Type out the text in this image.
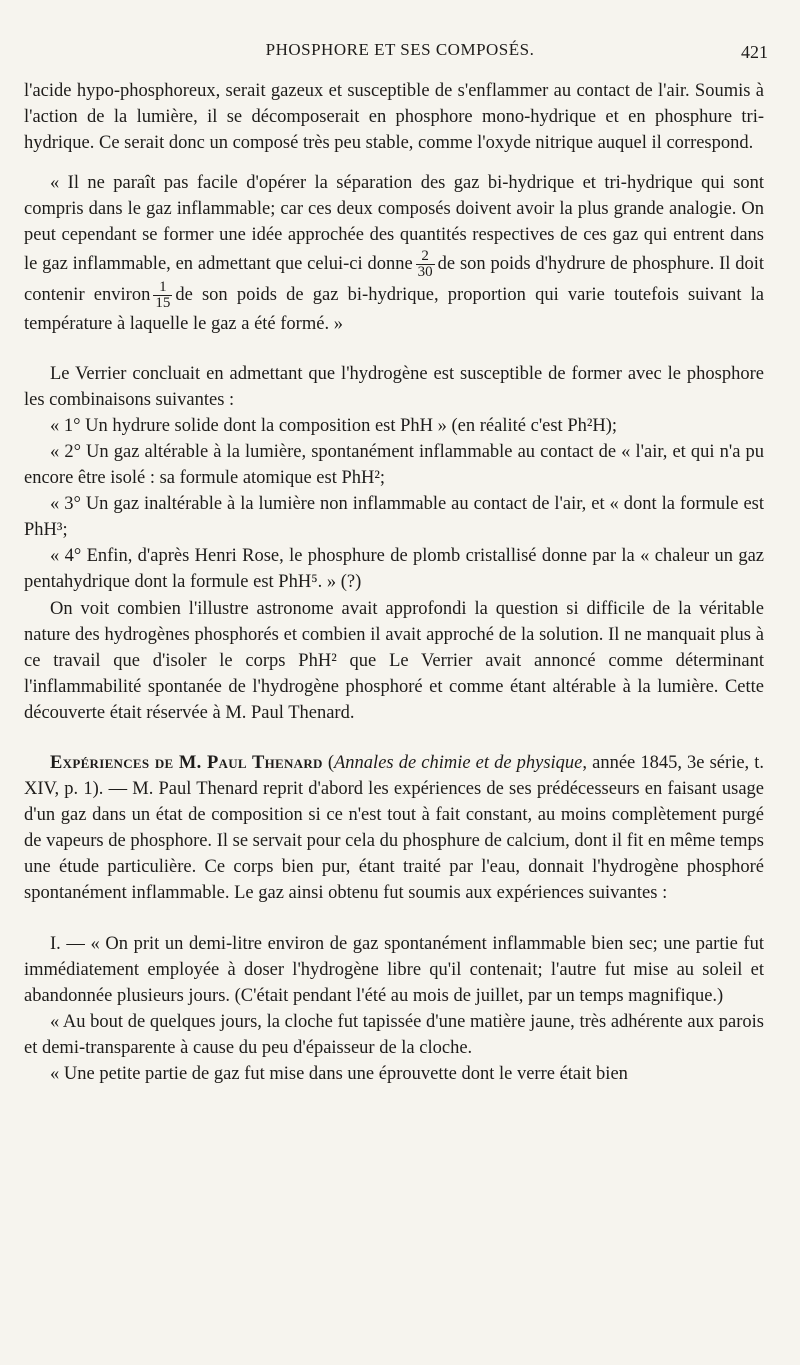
PHOSPHORE ET SES COMPOSÉS.	421

l'acide hypo-phosphoreux, serait gazeux et susceptible de s'enflammer au contact de l'air. Soumis à l'action de la lumière, il se décomposerait en phosphore mono-hydrique et en phosphure tri-hydrique. Ce serait donc un composé très peu stable, comme l'oxyde nitrique auquel il correspond.

« Il ne paraît pas facile d'opérer la séparation des gaz bi-hydrique et tri-hydrique qui sont compris dans le gaz inflammable; car ces deux composés doivent avoir la plus grande analogie. On peut cependant se former une idée approchée des quantités respectives de ces gaz qui entrent dans le gaz inflammable, en admettant que celui-ci donne $\frac{2}{30}$ de son poids d'hydrure de phosphure. Il doit contenir environ $\frac{1}{15}$ de son poids de gaz bi-hydrique, proportion qui varie toutefois suivant la température à laquelle le gaz a été formé. »

Le Verrier concluait en admettant que l'hydrogène est susceptible de former avec le phosphore les combinaisons suivantes :

« 1° Un hydrure solide dont la composition est PhH » (en réalité c'est Ph²H);

« 2° Un gaz altérable à la lumière, spontanément inflammable au contact de « l'air, et qui n'a pu encore être isolé : sa formule atomique est PhH²;

« 3° Un gaz inaltérable à la lumière non inflammable au contact de l'air, et « dont la formule est PhH³;

« 4° Enfin, d'après Henri Rose, le phosphure de plomb cristallisé donne par la « chaleur un gaz pentahydrique dont la formule est PhH⁵. » (?)

On voit combien l'illustre astronome avait approfondi la question si difficile de la véritable nature des hydrogènes phosphorés et combien il avait approché de la solution. Il ne manquait plus à ce travail que d'isoler le corps PhH² que Le Verrier avait annoncé comme déterminant l'inflammabilité spontanée de l'hydrogène phosphoré et comme étant altérable à la lumière. Cette découverte était réservée à M. Paul Thenard.

Expériences de M. Paul Thenard (Annales de chimie et de physique, année 1845, 3e série, t. XIV, p. 1). — M. Paul Thenard reprit d'abord les expériences de ses prédécesseurs en faisant usage d'un gaz dans un état de composition si ce n'est tout à fait constant, au moins complètement purgé de vapeurs de phosphore. Il se servait pour cela du phosphure de calcium, dont il fit en même temps une étude particulière. Ce corps bien pur, étant traité par l'eau, donnait l'hydrogène phosphoré spontanément inflammable. Le gaz ainsi obtenu fut soumis aux expériences suivantes :

I. — « On prit un demi-litre environ de gaz spontanément inflammable bien sec; une partie fut immédiatement employée à doser l'hydrogène libre qu'il contenait; l'autre fut mise au soleil et abandonnée plusieurs jours. (C'était pendant l'été au mois de juillet, par un temps magnifique.)

« Au bout de quelques jours, la cloche fut tapissée d'une matière jaune, très adhérente aux parois et demi-transparente à cause du peu d'épaisseur de la cloche.

« Une petite partie de gaz fut mise dans une éprouvette dont le verre était bien
